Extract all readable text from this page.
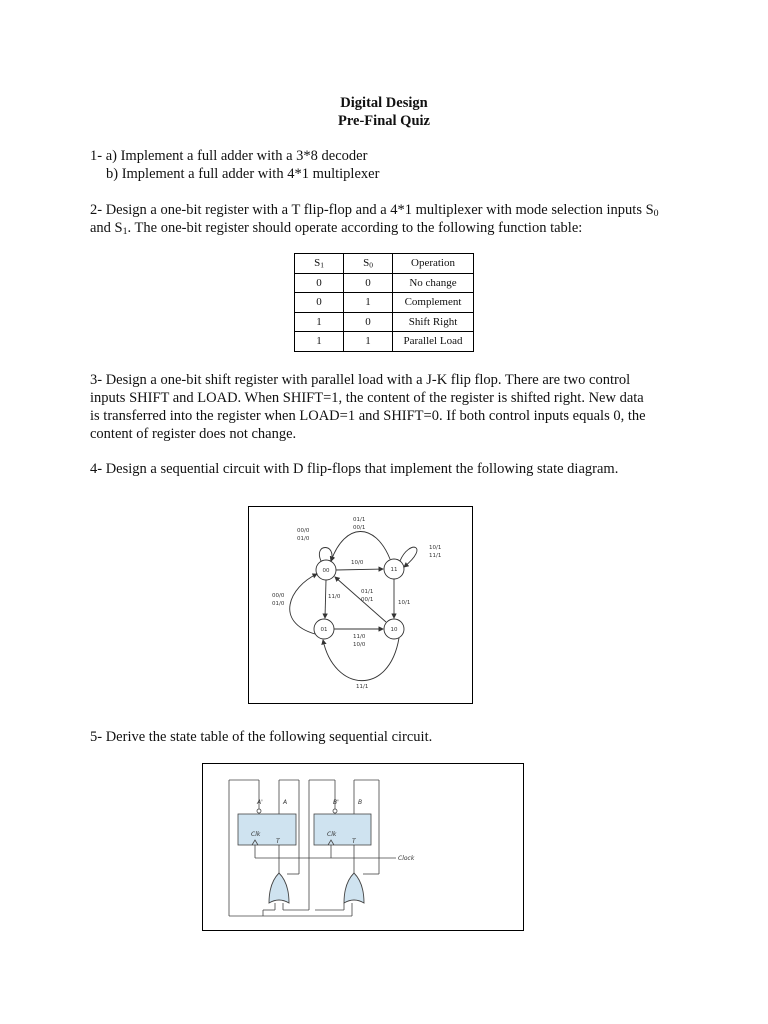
Digital Design
Pre-Final Quiz
1- a) Implement a full adder with a 3*8 decoder
b) Implement a full adder with 4*1 multiplexer
2- Design a one-bit register with a T flip-flop and a 4*1 multiplexer with mode selection inputs $S_0$
and $S_1$. The one-bit register should operate according to the following function table:
$S_1$	$S_0$	Operation
0	0	No change
0	1	Complement
1	0	Shift Right
1	1	Parallel Load
3- Design a one-bit shift register with parallel load with a J-K flip flop. There are two control
inputs SHIFT and LOAD. When SHIFT=1, the content of the register is shifted right. New data
is transferred into the register when LOAD=1 and SHIFT=0. If both control inputs equals 0, the
content of register does not change.
4- Design a sequential circuit with D flip-flops that implement the following state diagram.
00	11
01	10
00/0
01/0
01/1
00/1
10/1
11/1
10/0
11/0
00/0
01/0
01/1
00/1	10/1
11/0
10/0
11/1
5- Derive the state table of the following sequential circuit.
A'	A
Clk
T
B'	B
Clk
T
Clock
